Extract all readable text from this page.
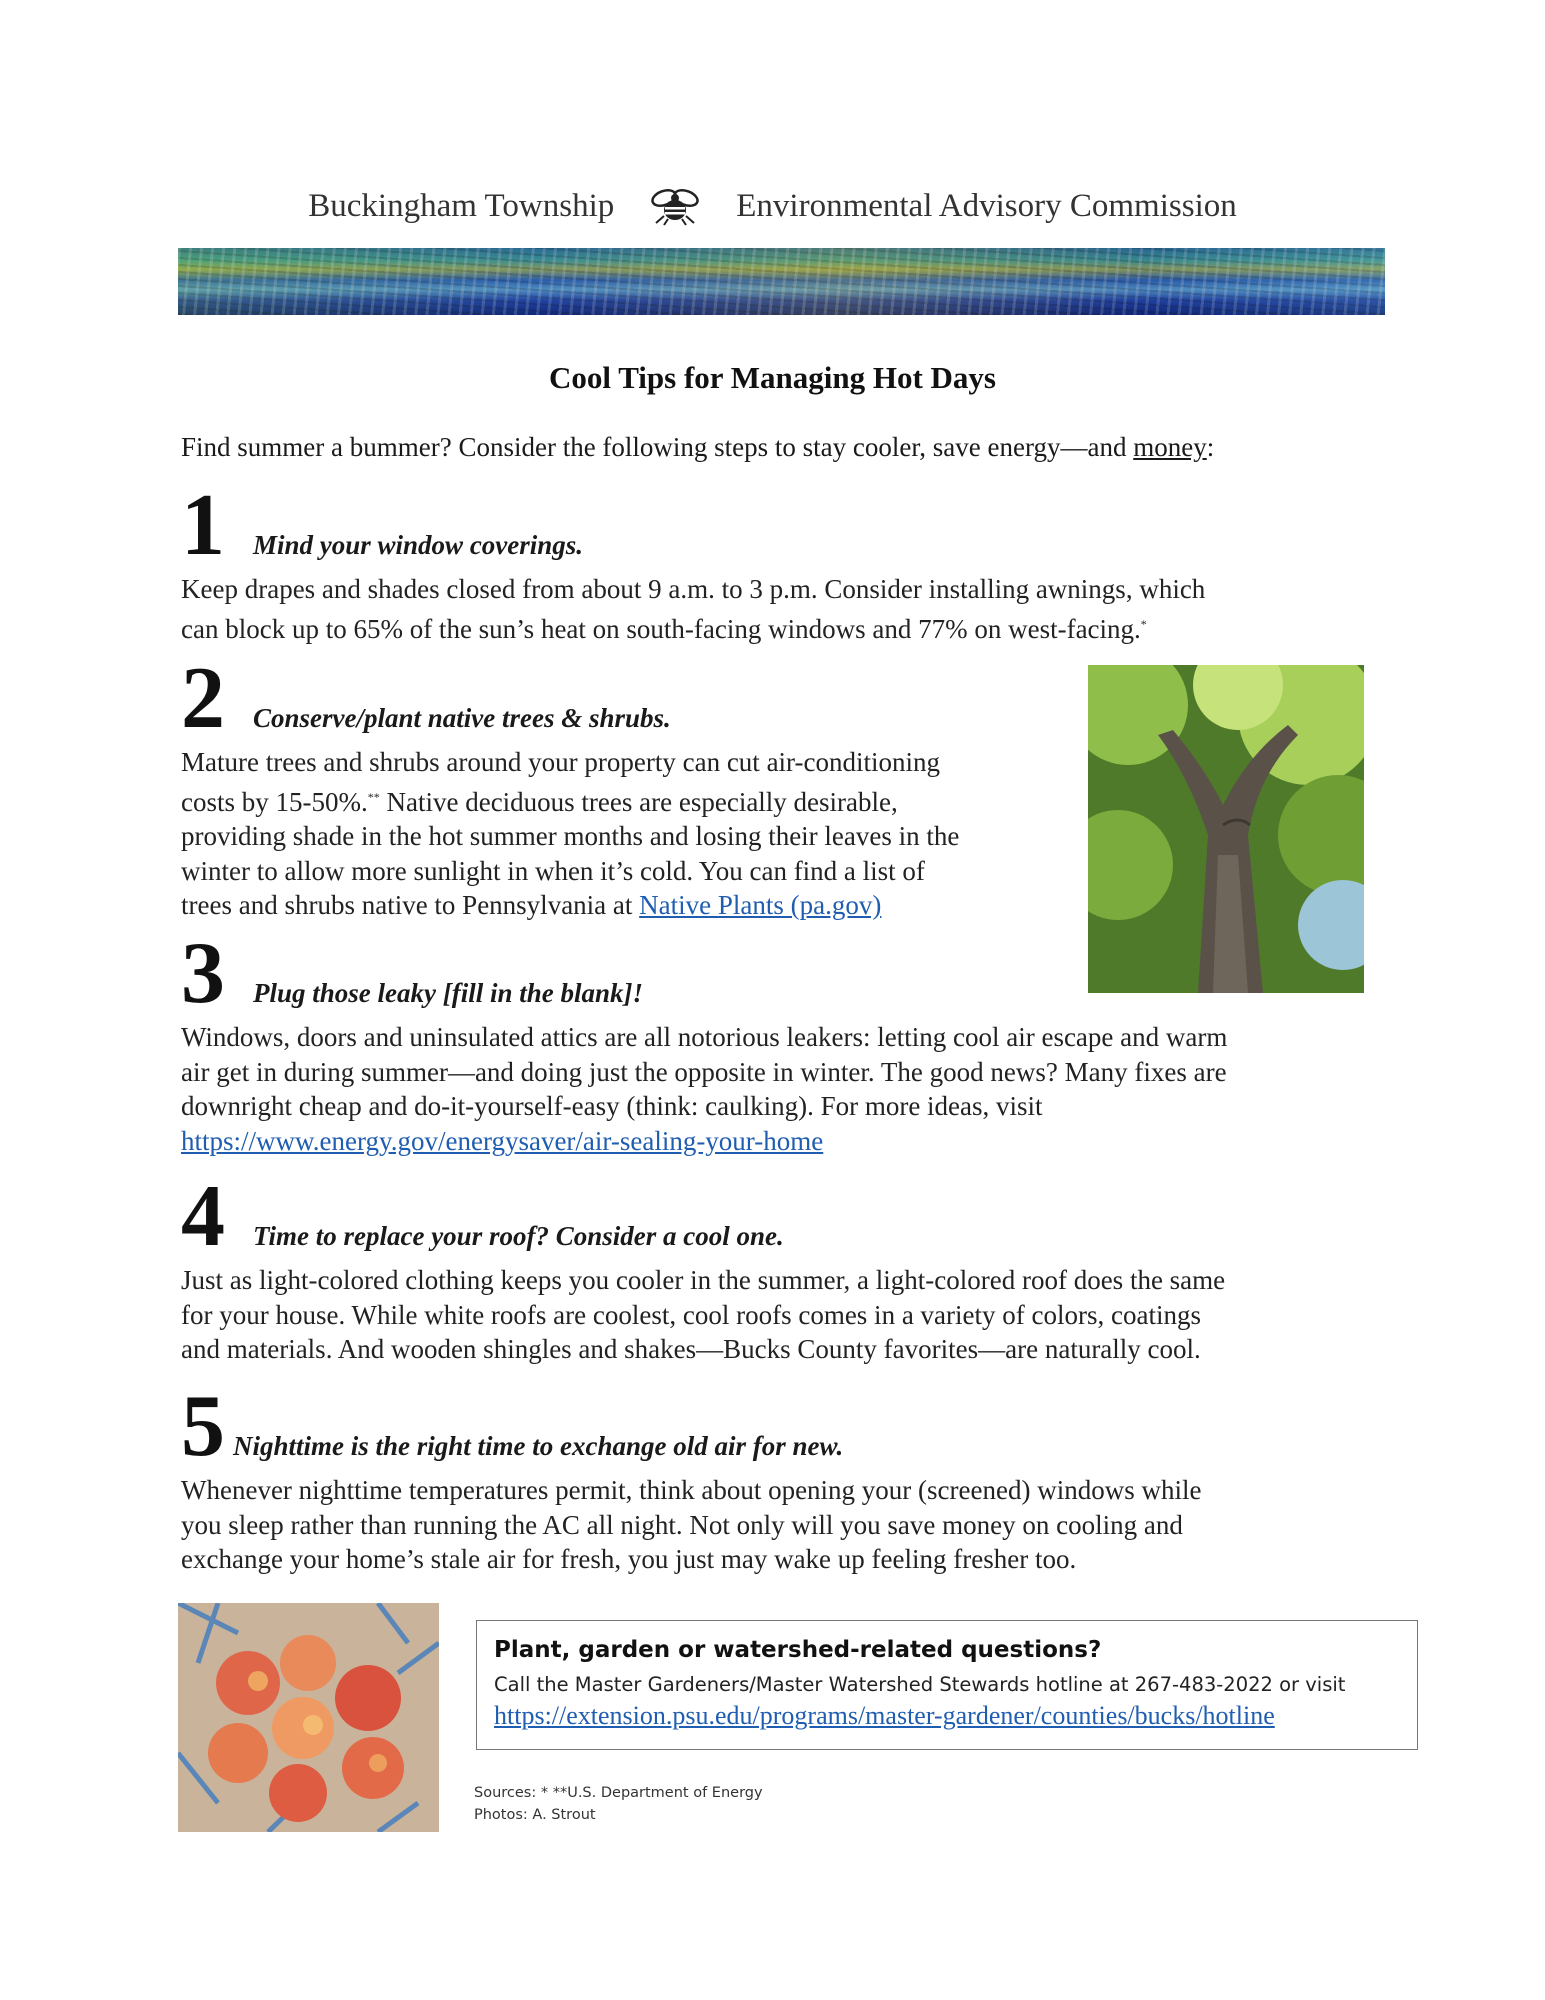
Buckingham Township	Environmental Advisory Commission
Cool Tips for Managing Hot Days
Find summer a bummer? Consider the following steps to stay cooler, save energy—and money:
1 Mind your window coverings.
Keep drapes and shades closed from about 9 a.m. to 3 p.m. Consider installing awnings, which
can block up to 65% of the sun’s heat on south-facing windows and 77% on west-facing.*
2 Conserve/plant native trees & shrubs.
Mature trees and shrubs around your property can cut air-conditioning
costs by 15-50%.** Native deciduous trees are especially desirable,
providing shade in the hot summer months and losing their leaves in the
winter to allow more sunlight in when it’s cold. You can find a list of
trees and shrubs native to Pennsylvania at Native Plants (pa.gov)
3 Plug those leaky [fill in the blank]!
Windows, doors and uninsulated attics are all notorious leakers: letting cool air escape and warm
air get in during summer—and doing just the opposite in winter. The good news? Many fixes are
downright cheap and do-it-yourself-easy (think: caulking). For more ideas, visit
https://www.energy.gov/energysaver/air-sealing-your-home
4 Time to replace your roof? Consider a cool one.
Just as light-colored clothing keeps you cooler in the summer, a light-colored roof does the same
for your house. While white roofs are coolest, cool roofs comes in a variety of colors, coatings
and materials. And wooden shingles and shakes—Bucks County favorites—are naturally cool.
5 Nighttime is the right time to exchange old air for new.
Whenever nighttime temperatures permit, think about opening your (screened) windows while
you sleep rather than running the AC all night. Not only will you save money on cooling and
exchange your home’s stale air for fresh, you just may wake up feeling fresher too.
Plant, garden or watershed-related questions?
Call the Master Gardeners/Master Watershed Stewards hotline at 267-483-2022 or visit
https://extension.psu.edu/programs/master-gardener/counties/bucks/hotline
Sources: * **U.S. Department of Energy
Photos: A. Strout
